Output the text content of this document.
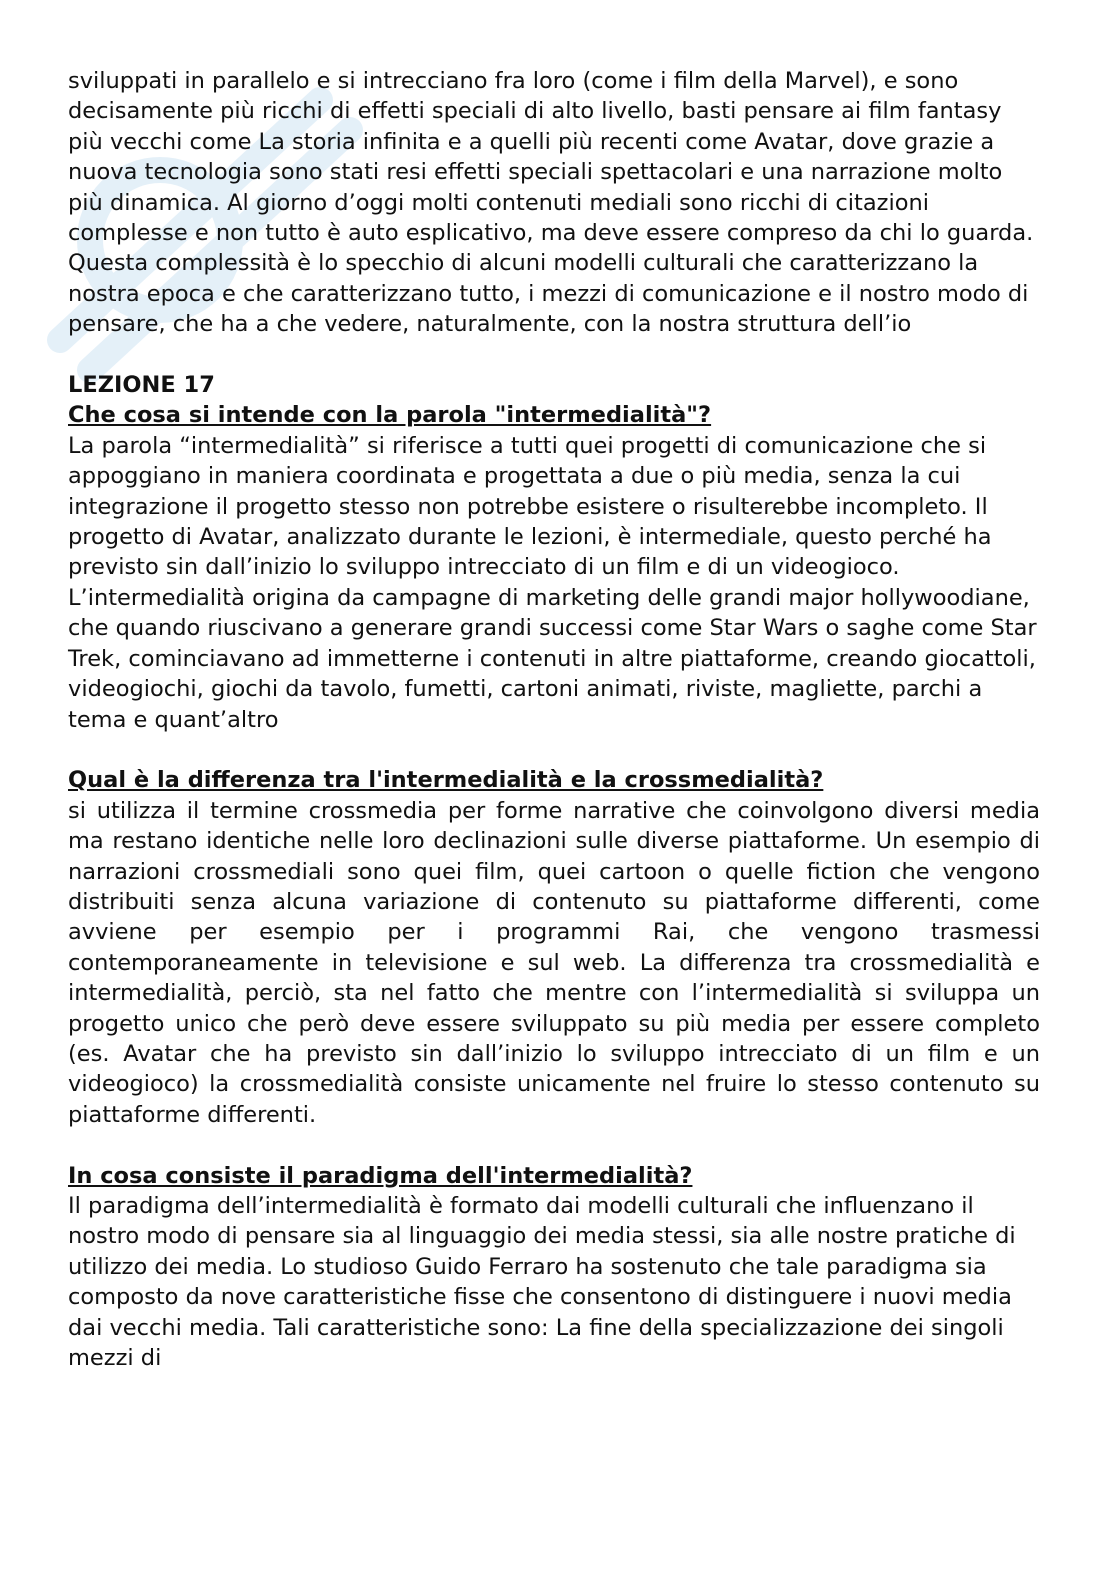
sviluppati in parallelo e si intrecciano fra loro (come i film della Marvel), e sono decisamente più ricchi di effetti speciali di alto livello, basti pensare ai film fantasy più vecchi come La storia infinita e a quelli più recenti come Avatar, dove grazie a nuova tecnologia sono stati resi effetti speciali spettacolari e una narrazione molto più dinamica. Al giorno d’oggi molti contenuti mediali sono ricchi di citazioni complesse e non tutto è auto esplicativo, ma deve essere compreso da chi lo guarda. Questa complessità è lo specchio di alcuni modelli culturali che caratterizzano la nostra epoca e che caratterizzano tutto, i mezzi di comunicazione e il nostro modo di pensare, che ha a che vedere, naturalmente, con la nostra struttura dell’io

LEZIONE 17

Che cosa si intende con la parola "intermedialità"?

La parola “intermedialità” si riferisce a tutti quei progetti di comunicazione che si appoggiano in maniera coordinata e progettata a due o più media, senza la cui integrazione il progetto stesso non potrebbe esistere o risulterebbe incompleto. Il progetto di Avatar, analizzato durante le lezioni, è intermediale, questo perché ha previsto sin dall’inizio lo sviluppo intrecciato di un film e di un videogioco. L’intermedialità origina da campagne di marketing delle grandi major hollywoodiane, che quando riuscivano a generare grandi successi come Star Wars o saghe come Star Trek, cominciavano ad immetterne i contenuti in altre piattaforme, creando giocattoli, videogiochi, giochi da tavolo, fumetti, cartoni animati, riviste, magliette, parchi a tema e quant’altro

Qual è la differenza tra l'intermedialità e la crossmedialità?

si utilizza il termine crossmedia per forme narrative che coinvolgono diversi media ma restano identiche nelle loro declinazioni sulle diverse piattaforme. Un esempio di narrazioni crossmediali sono quei film, quei cartoon o quelle fiction che vengono distribuiti senza alcuna variazione di contenuto su piattaforme differenti, come avviene per esempio per i programmi Rai, che vengono trasmessi contemporaneamente in televisione e sul web. La differenza tra crossmedialità e intermedialità, perciò, sta nel fatto che mentre con l’intermedialità si sviluppa un progetto unico che però deve essere sviluppato su più media per essere completo (es. Avatar che ha previsto sin dall’inizio lo sviluppo intrecciato di un film e un videogioco) la crossmedialità consiste unicamente nel fruire lo stesso contenuto su piattaforme differenti.

In cosa consiste il paradigma dell'intermedialità?

Il paradigma dell’intermedialità è formato dai modelli culturali che influenzano il nostro modo di pensare sia al linguaggio dei media stessi, sia alle nostre pratiche di utilizzo dei media. Lo studioso Guido Ferraro ha sostenuto che tale paradigma sia composto da nove caratteristiche fisse che consentono di distinguere i nuovi media dai vecchi media. Tali caratteristiche sono: La fine della specializzazione dei singoli mezzi di
